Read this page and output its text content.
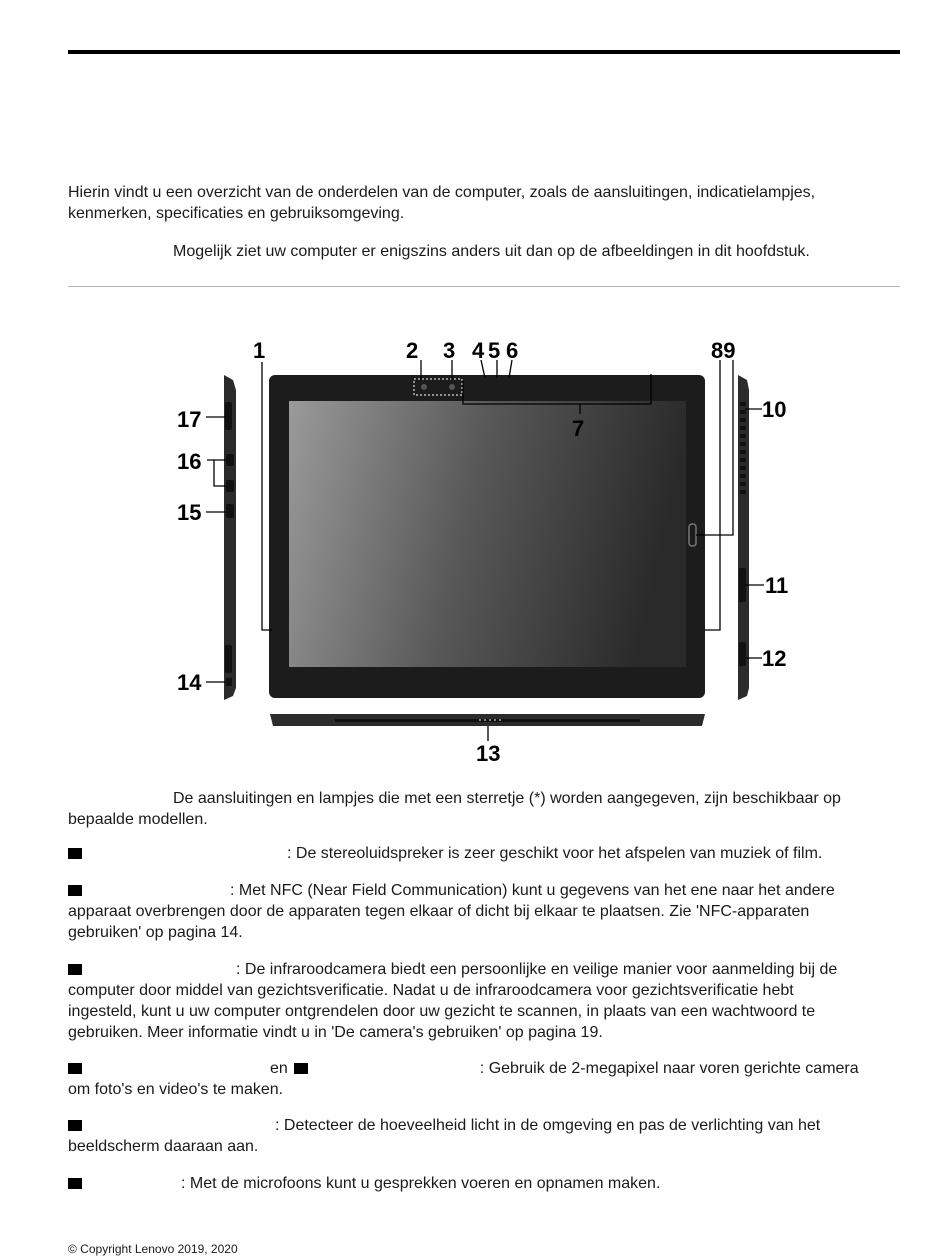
Hierin vindt u een overzicht van de onderdelen van de computer, zoals de aansluitingen, indicatielampjes,
kenmerken, specificaties en gebruiksomgeving.
Mogelijk ziet uw computer er enigszins anders uit dan op de afbeeldingen in dit hoofdstuk.
1	2 3 4 5 6
7
89
10
11
12
13
14
15
16
17
De aansluitingen en lampjes die met een sterretje (*) worden aangegeven, zijn beschikbaar op
bepaalde modellen.
: De stereoluidspreker is zeer geschikt voor het afspelen van muziek of film.
: Met NFC (Near Field Communication) kunt u gegevens van het ene naar het andere
apparaat overbrengen door de apparaten tegen elkaar of dicht bij elkaar te plaatsen. Zie 'NFC-apparaten
gebruiken' op pagina 14.
: De infraroodcamera biedt een persoonlijke en veilige manier voor aanmelding bij de
computer door middel van gezichtsverificatie. Nadat u de infraroodcamera voor gezichtsverificatie hebt
ingesteld, kunt u uw computer ontgrendelen door uw gezicht te scannen, in plaats van een wachtwoord te
gebruiken. Meer informatie vindt u in 'De camera's gebruiken' op pagina 19.
en	: Gebruik de 2-megapixel naar voren gerichte camera
om foto's en video's te maken.
: Detecteer de hoeveelheid licht in de omgeving en pas de verlichting van het
beeldscherm daaraan aan.
: Met de microfoons kunt u gesprekken voeren en opnamen maken.
© Copyright Lenovo 2019, 2020
